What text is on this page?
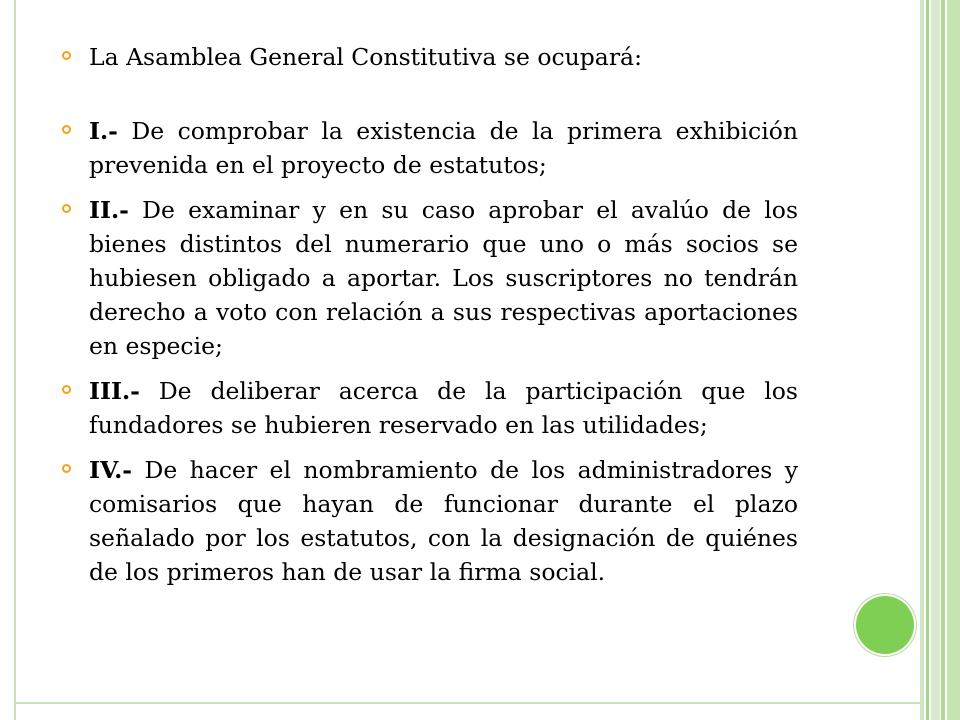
La Asamblea General Constitutiva se ocupará:
I.- De comprobar la existencia de la primera exhibición prevenida en el proyecto de estatutos;
II.- De examinar y en su caso aprobar el avalúo de los bienes distintos del numerario que uno o más socios se hubiesen obligado a aportar. Los suscriptores no tendrán derecho a voto con relación a sus respectivas aportaciones en especie;
III.- De deliberar acerca de la participación que los fundadores se hubieren reservado en las utilidades;
IV.- De hacer el nombramiento de los administradores y comisarios que hayan de funcionar durante el plazo señalado por los estatutos, con la designación de quiénes de los primeros han de usar la firma social.
